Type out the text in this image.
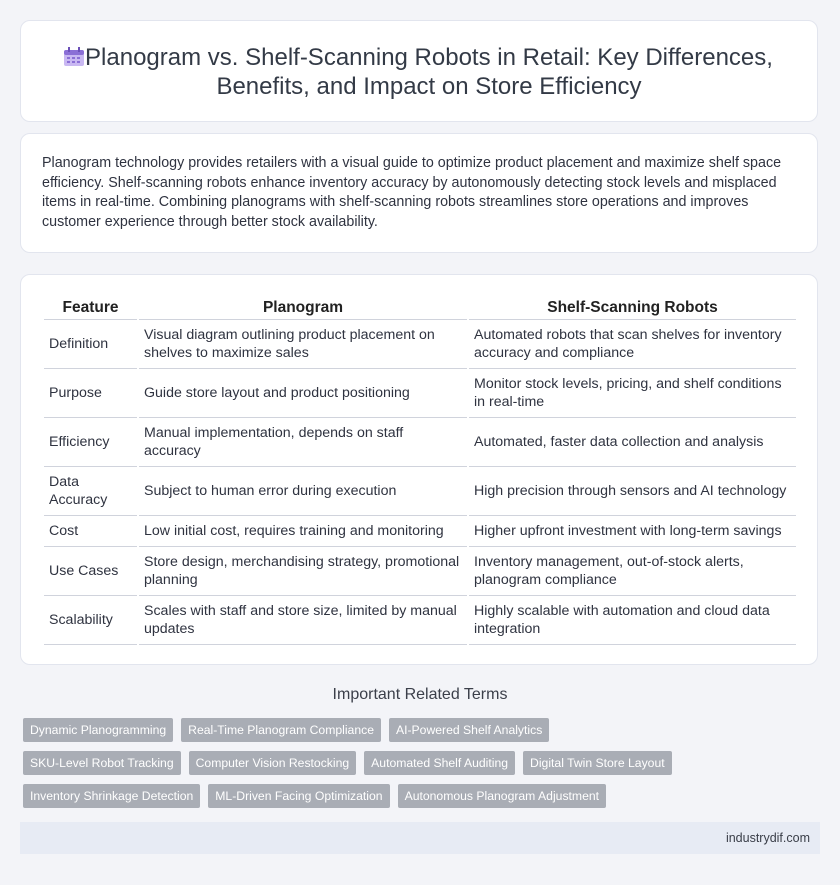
Planogram vs. Shelf-Scanning Robots in Retail: Key Differences, Benefits, and Impact on Store Efficiency

Planogram technology provides retailers with a visual guide to optimize product placement and maximize shelf space efficiency. Shelf-scanning robots enhance inventory accuracy by autonomously detecting stock levels and misplaced items in real-time. Combining planograms with shelf-scanning robots streamlines store operations and improves customer experience through better stock availability.

Feature	Planogram	Shelf-Scanning Robots
Definition	Visual diagram outlining product placement on shelves to maximize sales	Automated robots that scan shelves for inventory accuracy and compliance
Purpose	Guide store layout and product positioning	Monitor stock levels, pricing, and shelf conditions in real-time
Efficiency	Manual implementation, depends on staff accuracy	Automated, faster data collection and analysis
Data Accuracy	Subject to human error during execution	High precision through sensors and AI technology
Cost	Low initial cost, requires training and monitoring	Higher upfront investment with long-term savings
Use Cases	Store design, merchandising strategy, promotional planning	Inventory management, out-of-stock alerts, planogram compliance
Scalability	Scales with staff and store size, limited by manual updates	Highly scalable with automation and cloud data integration
Important Related Terms
Dynamic Planogramming	Real-Time Planogram Compliance	AI-Powered Shelf Analytics
SKU-Level Robot Tracking	Computer Vision Restocking	Automated Shelf Auditing	Digital Twin Store Layout
Inventory Shrinkage Detection	ML-Driven Facing Optimization	Autonomous Planogram Adjustment
industrydif.com
